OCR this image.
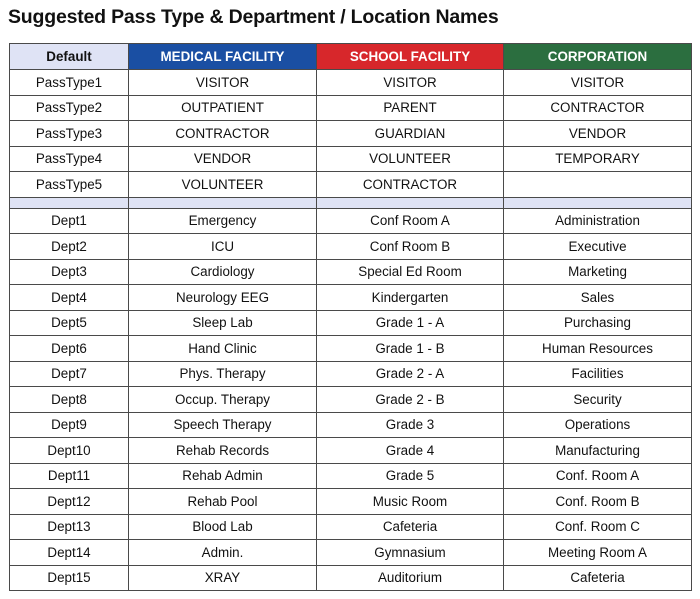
Suggested Pass Type & Department / Location Names
Default	MEDICAL FACILITY	SCHOOL FACILITY	CORPORATION
PassType1	VISITOR	VISITOR	VISITOR
PassType2	OUTPATIENT	PARENT	CONTRACTOR
PassType3	CONTRACTOR	GUARDIAN	VENDOR
PassType4	VENDOR	VOLUNTEER	TEMPORARY
PassType5	VOLUNTEER	CONTRACTOR	

Dept1	Emergency	Conf Room A	Administration
Dept2	ICU	Conf Room B	Executive
Dept3	Cardiology	Special Ed Room	Marketing
Dept4	Neurology EEG	Kindergarten	Sales
Dept5	Sleep Lab	Grade 1 - A	Purchasing
Dept6	Hand Clinic	Grade 1 - B	Human Resources
Dept7	Phys. Therapy	Grade 2 - A	Facilities
Dept8	Occup. Therapy	Grade 2 - B	Security
Dept9	Speech Therapy	Grade 3	Operations
Dept10	Rehab Records	Grade 4	Manufacturing
Dept11	Rehab Admin	Grade 5	Conf. Room A
Dept12	Rehab Pool	Music Room	Conf. Room B
Dept13	Blood Lab	Cafeteria	Conf. Room C
Dept14	Admin.	Gymnasium	Meeting Room A
Dept15	XRAY	Auditorium	Cafeteria
